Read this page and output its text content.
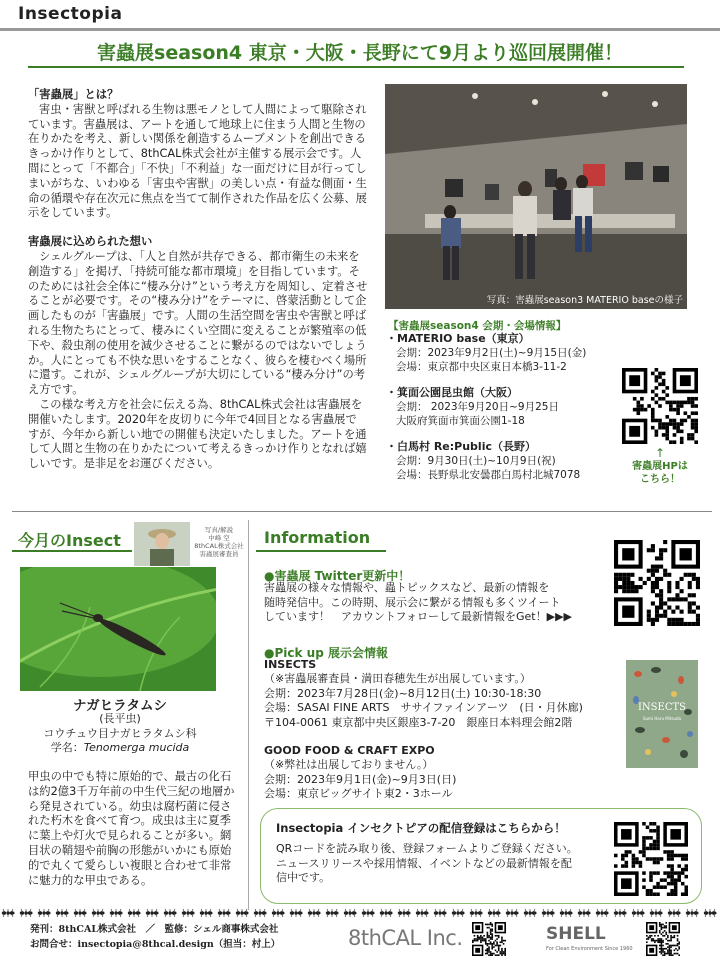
Insectopia
害蟲展season4 東京・大阪・長野にて9月より巡回展開催！
「害蟲展」とは？
害虫・害獣と呼ばれる生物は悪モノとして人間によって駆除されています。害蟲展は、アートを通して地球上に住まう人間と生物の在りかたを考え、新しい関係を創造するムーブメントを創出できるきっかけ作りとして、8thCAL株式会社が主催する展示会です。人間にとって「不都合」「不快」「不利益」な一面だけに目が行ってしまいがちな、いわゆる「害虫や害獣」の美しい点・有益な側面・生命の循環や存在次元に焦点を当てて制作された作品を広く公募、展示をしています。
害蟲展に込められた想い
シェルグループは、「人と自然が共存できる、都市衛生の未来を創造する」を掲げ、「持続可能な都市環境」を目指しています。そのためには社会全体に“棲み分け”という考え方を周知し、定着させることが必要です。その“棲み分け”をテーマに、啓蒙活動として企画したものが「害蟲展」です。人間の生活空間を害虫や害獣と呼ばれる生物たちにとって、棲みにくい空間に変えることが繁殖率の低下や、殺虫剤の使用を減少させることに繋がるのではないでしょうか。人にとっても不快な思いをすることなく、彼らを棲むべく場所に還す。これが、シェルグループが大切にしている“棲み分け”の考え方です。
この様な考え方を社会に伝える為、8thCAL株式会社は害蟲展を開催いたします。2020年を皮切りに今年で4回目となる害蟲展ですが、今年から新しい地での開催も決定いたしました。アートを通して人間と生物の在りかたについて考えるきっかけ作りとなれば嬉しいです。是非足をお運びください。
写真：害蟲展season3 MATERIO baseの様子
【害蟲展season4 会期・会場情報】
・MATERIO base（東京）
会期：2023年9月2日(土)~9月15日(金)
会場：東京都中央区東日本橋3-11-2
・箕面公園昆虫館（大阪）
会期： 2023年9月20日~9月25日
大阪府箕面市箕面公園1-18
・白馬村 Re:Public（長野）
会期：9月30日(土)~10月9日(祝)
会場：長野県北安曇郡白馬村北城7078
↑
害蟲展HPは
こちら！
今月のInsect
写真/解説
中峰 空
8thCAL株式会社
害蟲展審査員
ナガヒラタムシ
(長平虫)
コウチュウ目ナガヒラタムシ科
学名：Tenomerga mucida
甲虫の中でも特に原始的で、最古の化石は約2億3千万年前の中生代三紀の地層から発見されている。幼虫は腐朽菌に侵された朽木を食べて育つ。成虫は主に夏季に葉上や灯火で見られることが多い。網目状の鞘翅や前胸の形態がいかにも原始的で丸くて愛らしい複眼と合わせて非常に魅力的な甲虫である。
Information
●害蟲展 Twitter更新中！
害蟲展の様々な情報や、蟲トピックスなど、最新の情報を
随時発信中。この時期、展示会に繋がる情報も多くツイート
しています！　アカウントフォローして最新情報をGet！▶▶▶
●Pick up 展示会情報
INSECTS
（※害蟲展審査員・満田春穂先生が出展しています。）
会期：2023年7月28日(金)~8月12日(土) 10:30-18:30
会場：SASAI FINE ARTS　ササイファインアーツ　(日・月休廊)
〒104-0061 東京都中央区銀座3-7-20　銀座日本料理会館2階
GOOD FOOD & CRAFT EXPO
（※弊社は出展しておりません。）
会期：2023年9月1日(金)~9月3日(日)
会場：東京ビッグサイト東2・3ホール
INSECTS
Sumi Haru Mitsuda
Insectopia インセクトピアの配信登録はこちらから！
QRコードを読み取り後、登録フォームよりご登録ください。
ニュースリリースや採用情報、イベントなどの最新情報を配
信中です。
発刊：8thCAL株式会社　／　監修：シェル商事株式会社
お問合せ：insectopia@8thcal.design（担当：村上）	8thCAL Inc.	SHELL
For Clean Environment Since 1960
